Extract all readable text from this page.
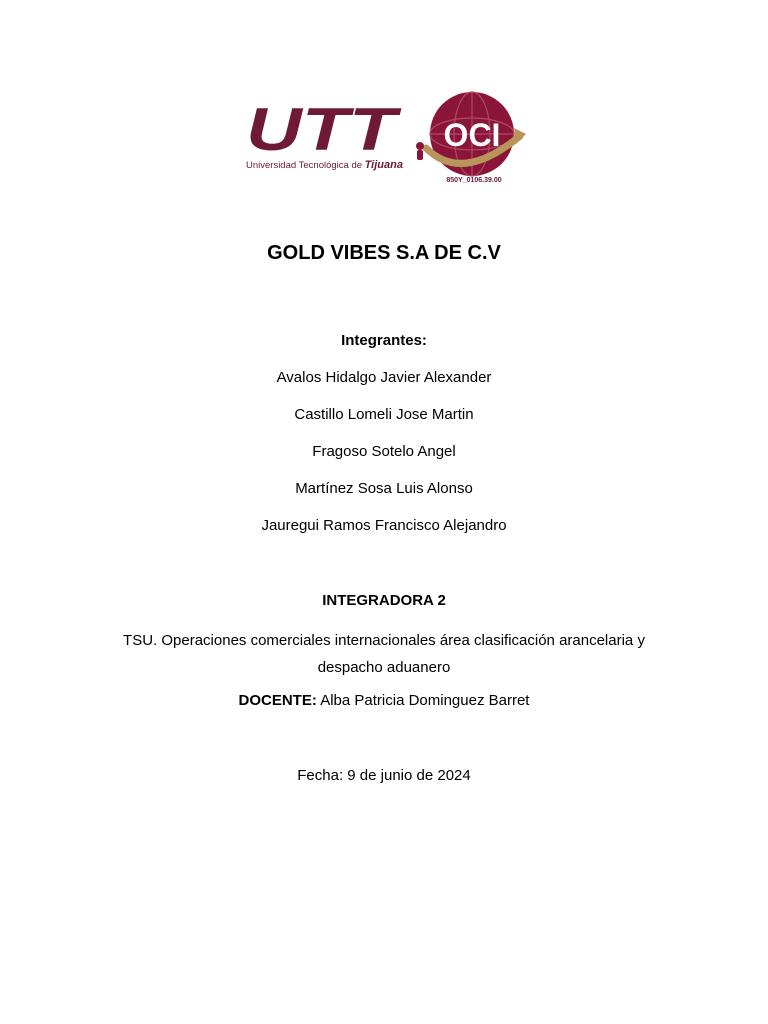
UTT
Universidad Tecnológica de Tijuana
OCI
850Y_0106.39.00
GOLD VIBES S.A DE C.V
Integrantes:
Avalos Hidalgo Javier Alexander
Castillo Lomeli Jose Martin
Fragoso Sotelo Angel
Martínez Sosa Luis Alonso
Jauregui Ramos Francisco Alejandro
INTEGRADORA 2
TSU. Operaciones comerciales internacionales área clasificación arancelaria y despacho aduanero
DOCENTE: Alba Patricia Dominguez Barret
Fecha: 9 de junio de 2024
